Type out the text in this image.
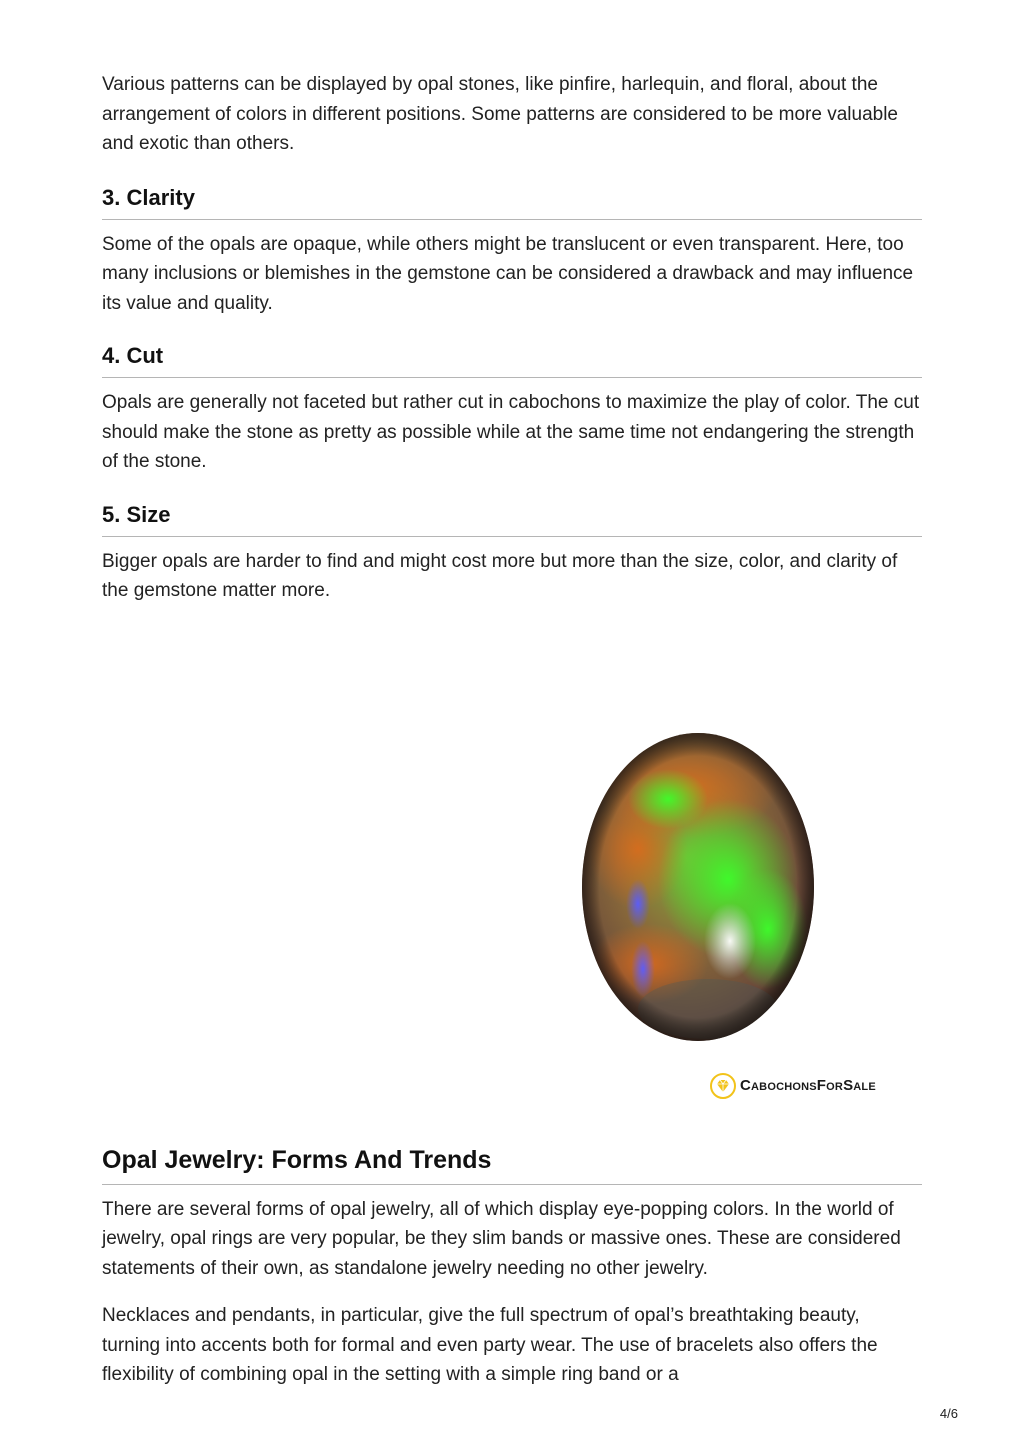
Various patterns can be displayed by opal stones, like pinfire, harlequin, and floral, about the arrangement of colors in different positions. Some patterns are considered to be more valuable and exotic than others.

3. Clarity

Some of the opals are opaque, while others might be translucent or even transparent. Here, too many inclusions or blemishes in the gemstone can be considered a drawback and may influence its value and quality.

4. Cut

Opals are generally not faceted but rather cut in cabochons to maximize the play of color. The cut should make the stone as pretty as possible while at the same time not endangering the strength of the stone.

5. Size

Bigger opals are harder to find and might cost more but more than the size, color, and clarity of the gemstone matter more.

CabochonsForSale
Opal Jewelry: Forms And Trends

There are several forms of opal jewelry, all of which display eye-popping colors. In the world of jewelry, opal rings are very popular, be they slim bands or massive ones. These are considered statements of their own, as standalone jewelry needing no other jewelry.

Necklaces and pendants, in particular, give the full spectrum of opal’s breathtaking beauty, turning into accents both for formal and even party wear. The use of bracelets also offers the flexibility of combining opal in the setting with a simple ring band or a

4/6
